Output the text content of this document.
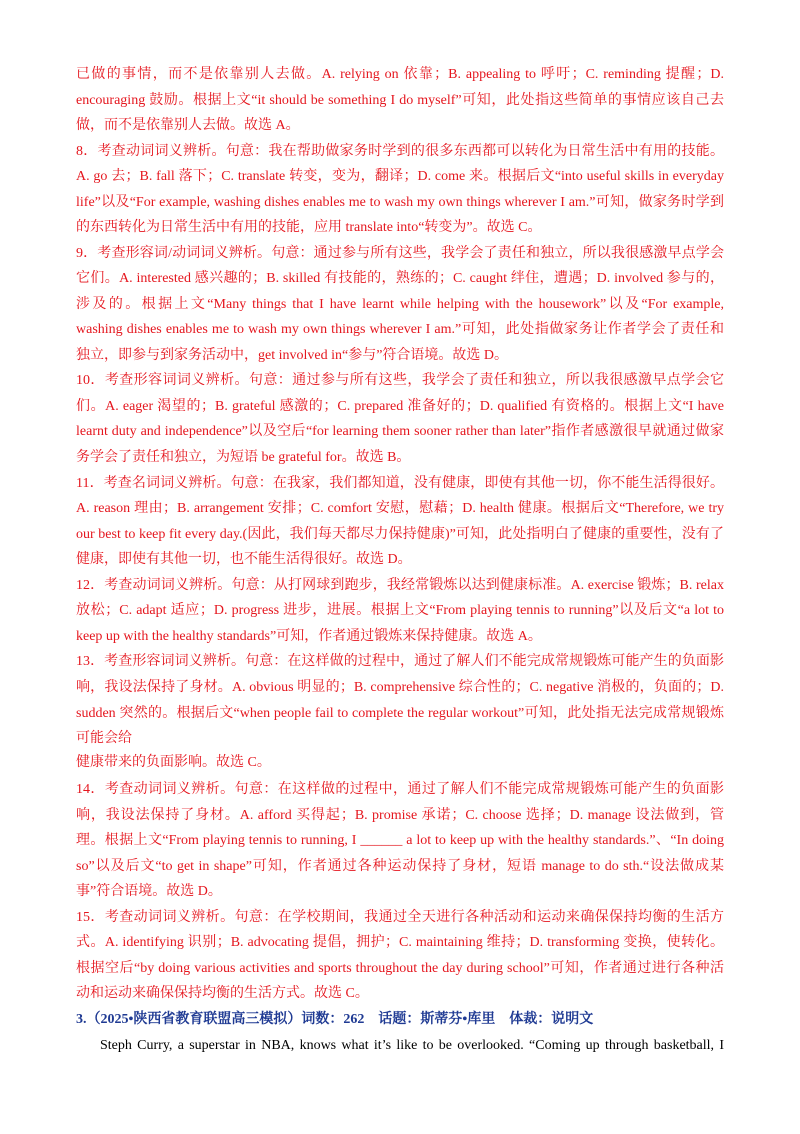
已做的事情，而不是依靠别人去做。A. relying on 依靠；B. appealing to 呼吁；C. reminding 提醒；D.
encouraging 鼓励。根据上文“it should be something I do myself”可知，此处指这些简单的事情应该自己去
做，而不是依靠别人去做。故选 A。
8．考查动词词义辨析。句意：我在帮助做家务时学到的很多东西都可以转化为日常生活中有用的技能。
A. go 去；B. fall 落下；C. translate 转变，变为，翻译；D. come 来。根据后文“into useful skills in everyday
life”以及“For example, washing dishes enables me to wash my own things wherever I am.”可知，做家务时学到
的东西转化为日常生活中有用的技能，应用 translate into“转变为”。故选 C。
9．考查形容词/动词词义辨析。句意：通过参与所有这些，我学会了责任和独立，所以我很感激早点学会
它们。A. interested 感兴趣的；B. skilled 有技能的，熟练的；C. caught 绊住，遭遇；D. involved 参与的，
涉及的。根据上文“Many things that I have learnt while helping with the housework”以及“For example,
washing dishes enables me to wash my own things wherever I am.”可知，此处指做家务让作者学会了责任和
独立，即参与到家务活动中，get involved in“参与”符合语境。故选 D。
10．考查形容词词义辨析。句意：通过参与所有这些，我学会了责任和独立，所以我很感激早点学会它
们。A. eager 渴望的；B. grateful 感激的；C. prepared 准备好的；D. qualified 有资格的。根据上文“I have
learnt duty and independence”以及空后“for learning them sooner rather than later”指作者感激很早就通过做家
务学会了责任和独立，为短语 be grateful for。故选 B。
11．考查名词词义辨析。句意：在我家，我们都知道，没有健康，即使有其他一切，你不能生活得很好。
A. reason 理由；B. arrangement 安排；C. comfort 安慰，慰藉；D. health 健康。根据后文“Therefore, we try
our best to keep fit every day.(因此，我们每天都尽力保持健康)”可知，此处指明白了健康的重要性，没有了
健康，即使有其他一切，也不能生活得很好。故选 D。
12．考查动词词义辨析。句意：从打网球到跑步，我经常锻炼以达到健康标准。A. exercise 锻炼；B. relax
放松；C. adapt 适应；D. progress 进步，进展。根据上文“From playing tennis to running”以及后文“a lot to
keep up with the healthy standards”可知，作者通过锻炼来保持健康。故选 A。
13．考查形容词词义辨析。句意：在这样做的过程中，通过了解人们不能完成常规锻炼可能产生的负面影
响，我设法保持了身材。A. obvious 明显的；B. comprehensive 综合性的；C. negative 消极的，负面的；D.
sudden 突然的。根据后文“when people fail to complete the regular workout”可知，此处指无法完成常规锻炼
可能会给
健康带来的负面影响。故选 C。
14．考查动词词义辨析。句意：在这样做的过程中，通过了解人们不能完成常规锻炼可能产生的负面影
响，我设法保持了身材。A. afford 买得起；B. promise 承诺；C. choose 选择；D. manage 设法做到，管
理。根据上文“From playing tennis to running, I ______ a lot to keep up with the healthy standards.”、“In doing
so”以及后文“to get in shape”可知，作者通过各种运动保持了身材，短语 manage to do sth.“设法做成某
事”符合语境。故选 D。
15．考查动词词义辨析。句意：在学校期间，我通过全天进行各种活动和运动来确保保持均衡的生活方
式。A. identifying 识别；B. advocating 提倡，拥护；C. maintaining 维持；D. transforming 变换，使转化。
根据空后“by doing various activities and sports throughout the day during school”可知，作者通过进行各种活
动和运动来确保保持均衡的生活方式。故选 C。
3.（2025•陕西省教育联盟高三模拟）词数：262　话题：斯蒂芬•库里　体裁：说明文
Steph Curry, a superstar in NBA, knows what it’s like to be overlooked. “Coming up through basketball, I
